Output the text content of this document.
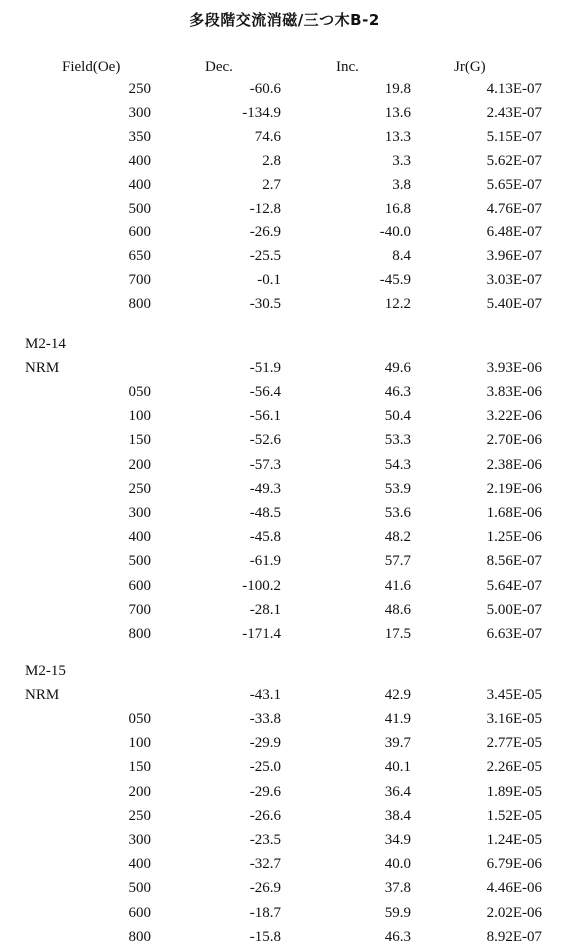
多段階交流消磁/三つ木B-2
Field(Oe)	Dec.	Inc.	Jr(G)
250	-60.6	19.8	4.13E-07
300	-134.9	13.6	2.43E-07
350	74.6	13.3	5.15E-07
400	2.8	3.3	5.62E-07
400	2.7	3.8	5.65E-07
500	-12.8	16.8	4.76E-07
600	-26.9	-40.0	6.48E-07
650	-25.5	8.4	3.96E-07
700	-0.1	-45.9	3.03E-07
800	-30.5	12.2	5.40E-07
M2-14
NRM	-51.9	49.6	3.93E-06
050	-56.4	46.3	3.83E-06
100	-56.1	50.4	3.22E-06
150	-52.6	53.3	2.70E-06
200	-57.3	54.3	2.38E-06
250	-49.3	53.9	2.19E-06
300	-48.5	53.6	1.68E-06
400	-45.8	48.2	1.25E-06
500	-61.9	57.7	8.56E-07
600	-100.2	41.6	5.64E-07
700	-28.1	48.6	5.00E-07
800	-171.4	17.5	6.63E-07
M2-15
NRM	-43.1	42.9	3.45E-05
050	-33.8	41.9	3.16E-05
100	-29.9	39.7	2.77E-05
150	-25.0	40.1	2.26E-05
200	-29.6	36.4	1.89E-05
250	-26.6	38.4	1.52E-05
300	-23.5	34.9	1.24E-05
400	-32.7	40.0	6.79E-06
500	-26.9	37.8	4.46E-06
600	-18.7	59.9	2.02E-06
800	-15.8	46.3	8.92E-07
